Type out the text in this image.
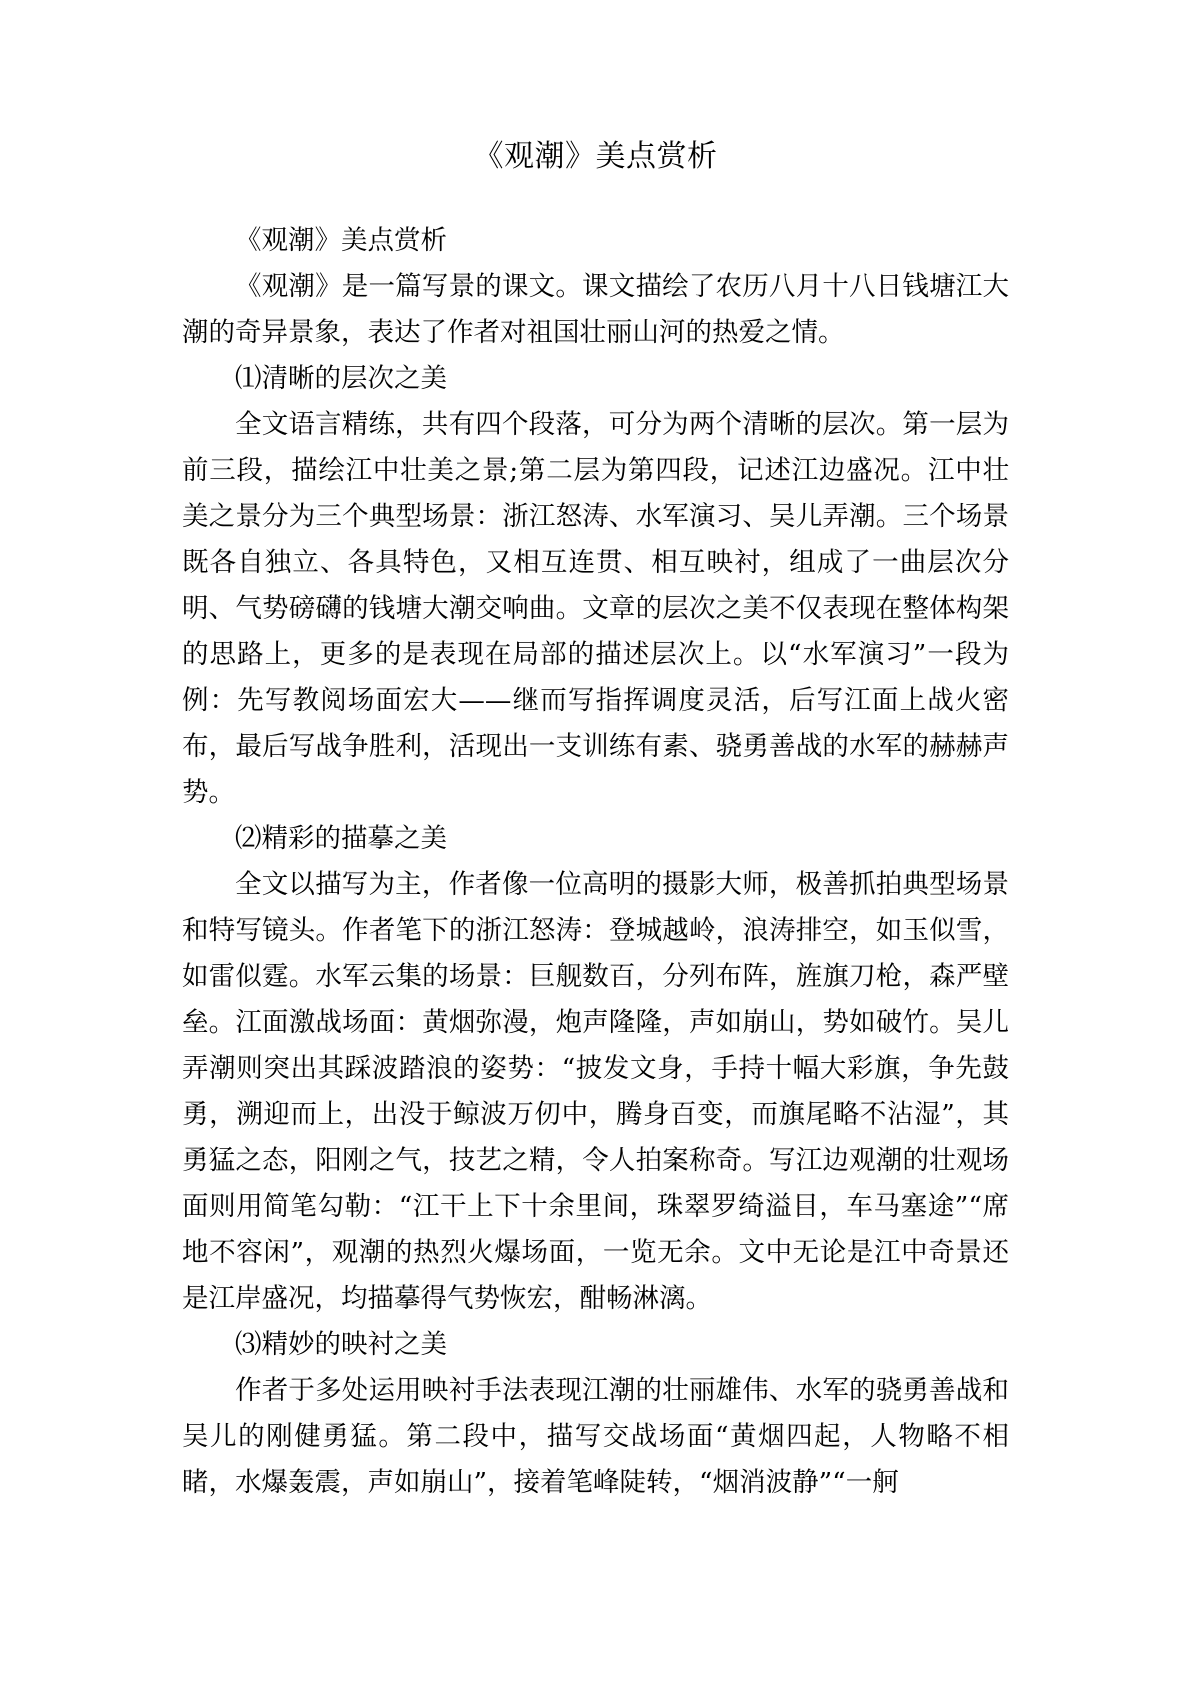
《观潮》美点赏析

《观潮》美点赏析

《观潮》是一篇写景的课文。课文描绘了农历八月十八日钱塘江大潮的奇异景象，表达了作者对祖国壮丽山河的热爱之情。

⑴清晰的层次之美

全文语言精练，共有四个段落，可分为两个清晰的层次。第一层为前三段，描绘江中壮美之景;第二层为第四段，记述江边盛况。江中壮美之景分为三个典型场景：浙江怒涛、水军演习、吴儿弄潮。三个场景既各自独立、各具特色，又相互连贯、相互映衬，组成了一曲层次分明、气势磅礴的钱塘大潮交响曲。文章的层次之美不仅表现在整体构架的思路上，更多的是表现在局部的描述层次上。以“水军演习”一段为例：先写教阅场面宏大——继而写指挥调度灵活，后写江面上战火密布，最后写战争胜利，活现出一支训练有素、骁勇善战的水军的赫赫声势。

⑵精彩的描摹之美

全文以描写为主，作者像一位高明的摄影大师，极善抓拍典型场景和特写镜头。作者笔下的浙江怒涛：登城越岭，浪涛排空，如玉似雪，如雷似霆。水军云集的场景：巨舰数百，分列布阵，旌旗刀枪，森严壁垒。江面激战场面：黄烟弥漫，炮声隆隆，声如崩山，势如破竹。吴儿弄潮则突出其踩波踏浪的姿势：“披发文身，手持十幅大彩旗，争先鼓勇，溯迎而上，出没于鲸波万仞中，腾身百变，而旗尾略不沾湿”，其勇猛之态，阳刚之气，技艺之精，令人拍案称奇。写江边观潮的壮观场面则用简笔勾勒：“江干上下十余里间，珠翠罗绮溢目，车马塞途”“席地不容闲”，观潮的热烈火爆场面，一览无余。文中无论是江中奇景还是江岸盛况，均描摹得气势恢宏，酣畅淋漓。

⑶精妙的映衬之美

作者于多处运用映衬手法表现江潮的壮丽雄伟、水军的骁勇善战和吴儿的刚健勇猛。第二段中，描写交战场面“黄烟四起，人物略不相睹，水爆轰震，声如崩山”，接着笔峰陡转，“烟消波静”“一舸
